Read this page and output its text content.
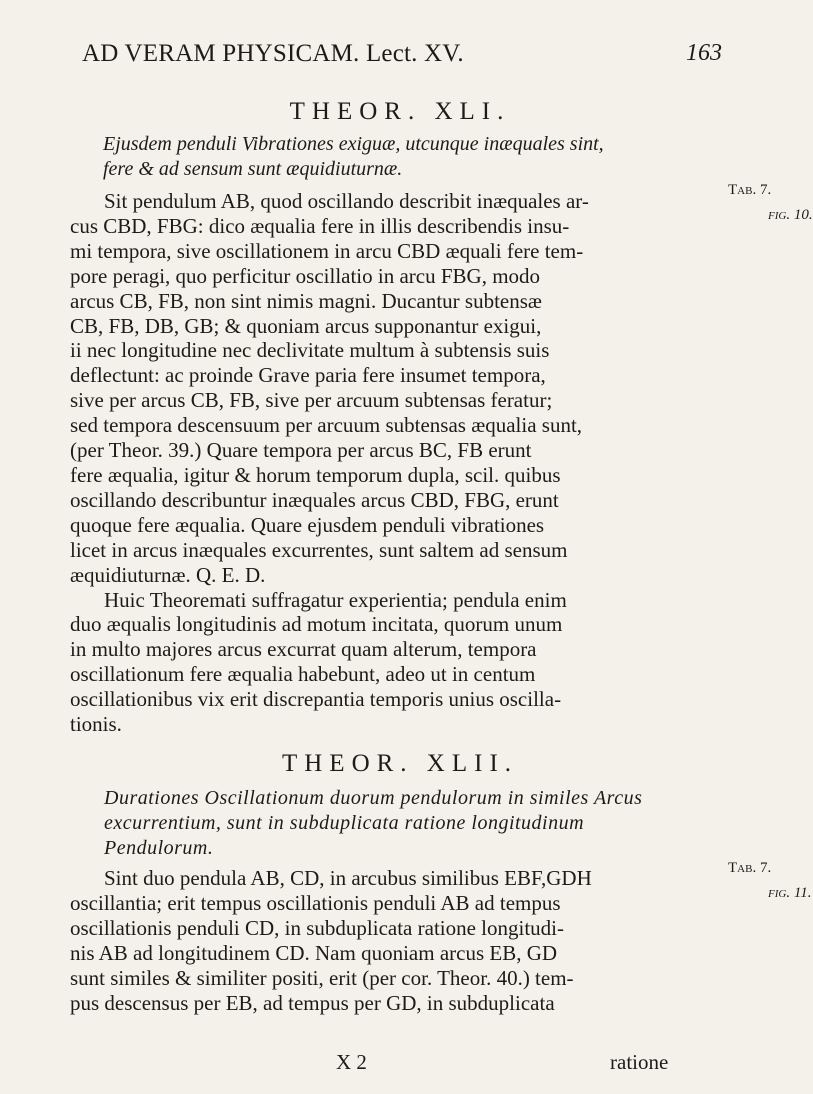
AD VERAM PHYSICAM. Lect. XV.	163
THEOR. XLI.
Ejusdem penduli Vibrationes exiguæ, utcunque inæquales sint,
fere & ad sensum sunt æquidiuturnæ.
Sit pendulum AB, quod oscillando describit inæquales ar-
cus CBD, FBG: dico æqualia fere in illis describendis insu-
mi tempora, sive oscillationem in arcu CBD æquali fere tem-
pore peragi, quo perficitur oscillatio in arcu FBG, modo
arcus CB, FB, non sint nimis magni. Ducantur subtensæ
CB, FB, DB, GB; & quoniam arcus supponantur exigui,
ii nec longitudine nec declivitate multum à subtensis suis
deflectunt: ac proinde Grave paria fere insumet tempora,
sive per arcus CB, FB, sive per arcuum subtensas feratur;
sed tempora descensuum per arcuum subtensas æqualia sunt,
(per Theor. 39.) Quare tempora per arcus BC, FB erunt
fere æqualia, igitur & horum temporum dupla, scil. quibus
oscillando describuntur inæquales arcus CBD, FBG, erunt
quoque fere æqualia. Quare ejusdem penduli vibrationes
licet in arcus inæquales excurrentes, sunt saltem ad sensum
æquidiuturnæ. Q. E. D.
Huic Theoremati suffragatur experientia; pendula enim
duo æqualis longitudinis ad motum incitata, quorum unum
in multo majores arcus excurrat quam alterum, tempora
oscillationum fere æqualia habebunt, adeo ut in centum
oscillationibus vix erit discrepantia temporis unius oscilla-
tionis.
Tab. 7.
fig. 10.
THEOR. XLII.
Durationes Oscillationum duorum pendulorum in similes Arcus
excurrentium, sunt in subduplicata ratione longitudinum
Pendulorum.
Sint duo pendula AB, CD, in arcubus similibus EBF,GDH
oscillantia; erit tempus oscillationis penduli AB ad tempus
oscillationis penduli CD, in subduplicata ratione longitudi-
nis AB ad longitudinem CD. Nam quoniam arcus EB, GD
sunt similes & similiter positi, erit (per cor. Theor. 40.) tem-
pus descensus per EB, ad tempus per GD, in subduplicata
Tab. 7.
fig. 11.
X 2	ratione
